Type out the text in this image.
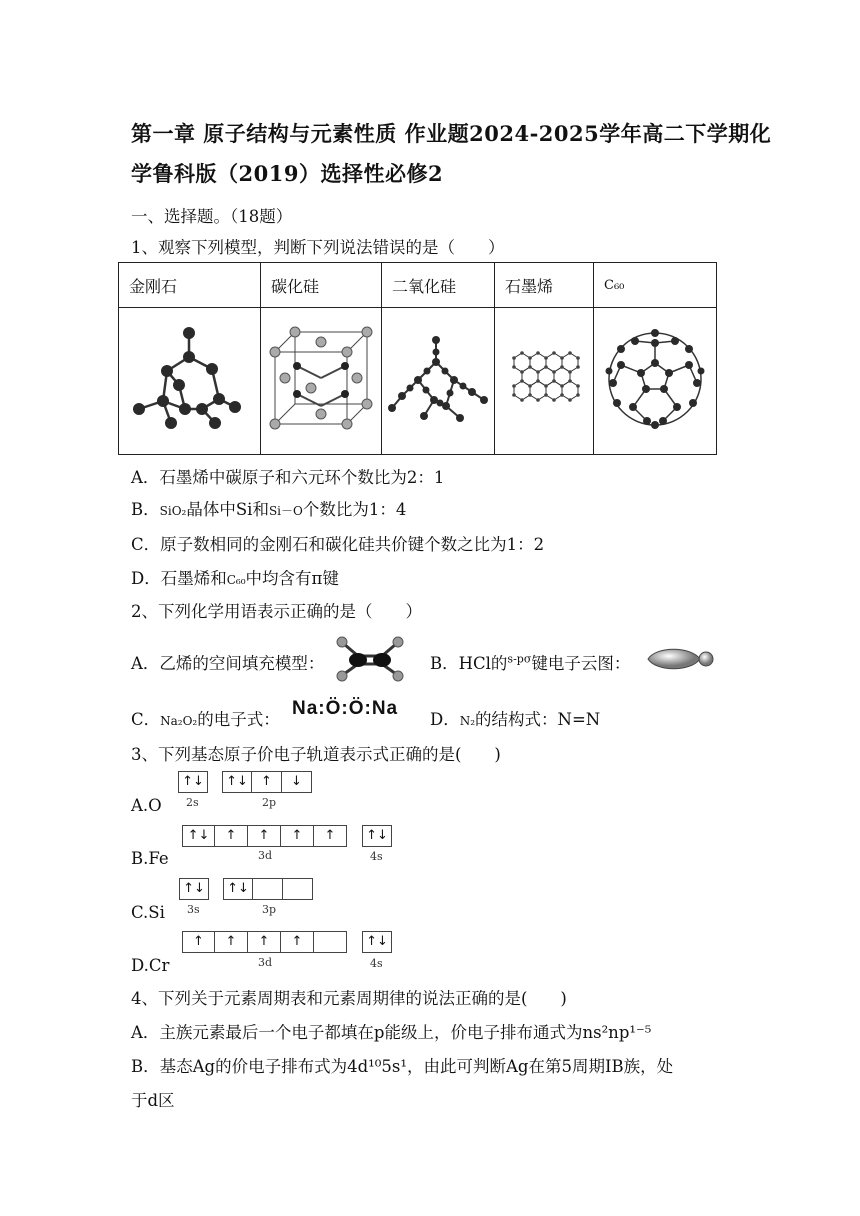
第一章 原子结构与元素性质 作业题2024-2025学年高二下学期化
学鲁科版（2019）选择性必修2
一、选择题。（18题）
1、观察下列模型，判断下列说法错误的是（　　）
金刚石	碳化硅	二氧化硅	石墨烯	C₆₀

A．石墨烯中碳原子和六元环个数比为2：1
B．SiO₂晶体中Si和Si－O个数比为1：4
C．原子数相同的金刚石和碳化硅共价键个数之比为1：2
D．石墨烯和C₆₀中均含有π键
2、下列化学用语表示正确的是（　　）
A．乙烯的空间填充模型：	B．HCl的$^{s-p\sigma}$键电子云图：
C．Na₂O₂的电子式：
Na:Ö:Ö:Na
D．N₂的结构式：N=N
3、下列基态原子价电子轨道表示式正确的是(　　)
A.O
↑↓
2s
↑↓ ↑ ↓
2p
B.Fe
↑↓ ↑ ↑ ↑ ↑
3d
↑↓
4s
C.Si
↑↓
3s
↑↓
3p
D.Cr
↑ ↑ ↑ ↑
3d
↑↓
4s
4、下列关于元素周期表和元素周期律的说法正确的是(　　)
A．主族元素最后一个电子都填在p能级上，价电子排布通式为ns²np¹⁻⁵
B．基态Ag的价电子排布式为4d¹⁰5s¹，由此可判断Ag在第5周期ⅠB族，处
于d区
